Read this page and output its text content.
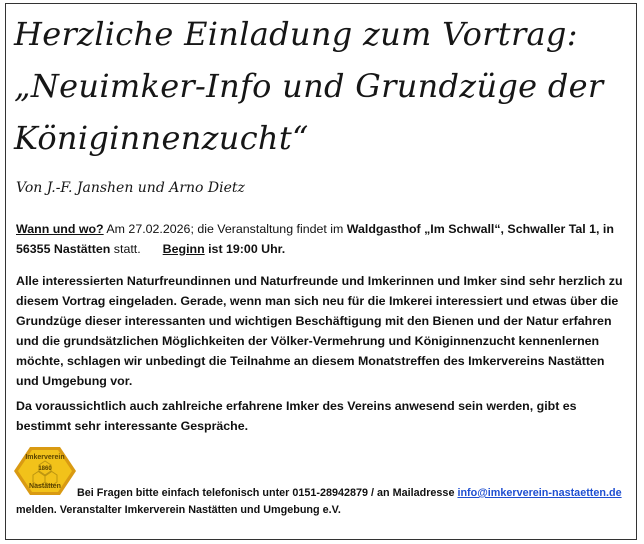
Herzliche Einladung zum Vortrag:
„Neuimker-Info und Grundzüge der
Königinnenzucht“
Von J.-F. Janshen und Arno Dietz
Wann und wo? Am 27.02.2026; die Veranstaltung findet im Waldgasthof „Im Schwall“, Schwaller Tal 1, in 56355 Nastätten statt. Beginn ist 19:00 Uhr.
Alle interessierten Naturfreundinnen und Naturfreunde und Imkerinnen und Imker sind sehr herzlich zu diesem Vortrag eingeladen. Gerade, wenn man sich neu für die Imkerei interessiert und etwas über die Grundzüge dieser interessanten und wichtigen Beschäftigung mit den Bienen und der Natur erfahren und die grundsätzlichen Möglichkeiten der Völker-Vermehrung und Königinnenzucht kennenlernen möchte, schlagen wir unbedingt die Teilnahme an diesem Monatstreffen des Imkervereins Nastätten und Umgebung vor.
Da voraussichtlich auch zahlreiche erfahrene Imker des Vereins anwesend sein werden, gibt es bestimmt sehr interessante Gespräche.
Imkerverein
1860
Nastätten
Bei Fragen bitte einfach telefonisch unter 0151-28942879 / an Mailadresse info@imkerverein-nastaetten.de
melden. Veranstalter Imkerverein Nastätten und Umgebung e.V.
